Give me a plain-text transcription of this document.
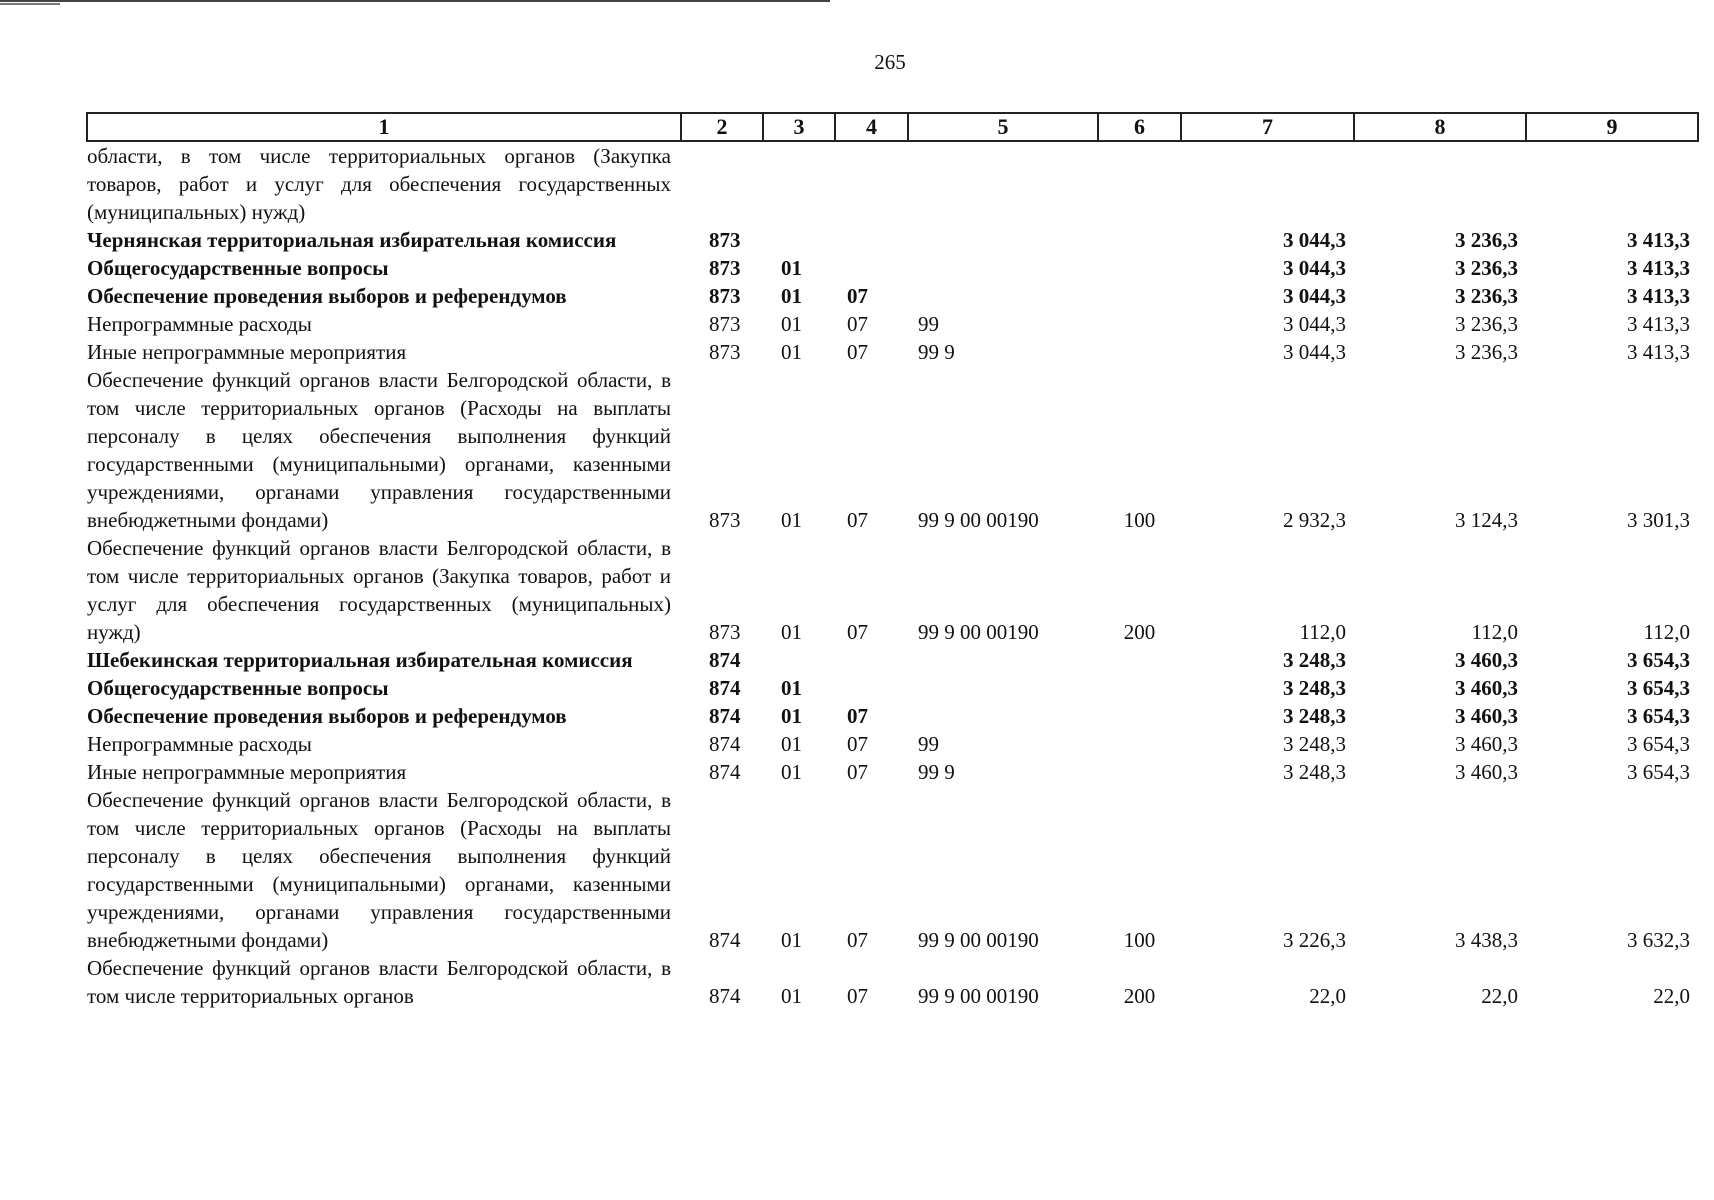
265
1	2	3	4	5	6	7	8	9
области, в том числе территориальных органов (Закупка товаров, работ и услуг для обеспечения государственных (муниципальных) нужд)								
Чернянская территориальная избирательная комиссия	873					3 044,3	3 236,3	3 413,3
Общегосударственные вопросы	873	01				3 044,3	3 236,3	3 413,3
Обеспечение проведения выборов и референдумов	873	01	07			3 044,3	3 236,3	3 413,3
Непрограммные расходы	873	01	07	99		3 044,3	3 236,3	3 413,3
Иные непрограммные мероприятия	873	01	07	99 9		3 044,3	3 236,3	3 413,3
Обеспечение функций органов власти Белгородской области, в том числе территориальных органов (Расходы на выплаты персоналу в целях обеспечения выполнения функций государственными (муниципальными) органами, казенными учреждениями, органами управления государственными внебюджетными фондами)	873	01	07	99 9 00 00190	100	2 932,3	3 124,3	3 301,3
Обеспечение функций органов власти Белгородской области, в том числе территориальных органов (Закупка товаров, работ и услуг для обеспечения государственных (муниципальных) нужд)	873	01	07	99 9 00 00190	200	112,0	112,0	112,0
Шебекинская территориальная избирательная комиссия	874					3 248,3	3 460,3	3 654,3
Общегосударственные вопросы	874	01				3 248,3	3 460,3	3 654,3
Обеспечение проведения выборов и референдумов	874	01	07			3 248,3	3 460,3	3 654,3
Непрограммные расходы	874	01	07	99		3 248,3	3 460,3	3 654,3
Иные непрограммные мероприятия	874	01	07	99 9		3 248,3	3 460,3	3 654,3
Обеспечение функций органов власти Белгородской области, в том числе территориальных органов (Расходы на выплаты персоналу в целях обеспечения выполнения функций государственными (муниципальными) органами, казенными учреждениями, органами управления государственными внебюджетными фондами)	874	01	07	99 9 00 00190	100	3 226,3	3 438,3	3 632,3
Обеспечение функций органов власти Белгородской области, в том числе территориальных органов	874	01	07	99 9 00 00190	200	22,0	22,0	22,0
